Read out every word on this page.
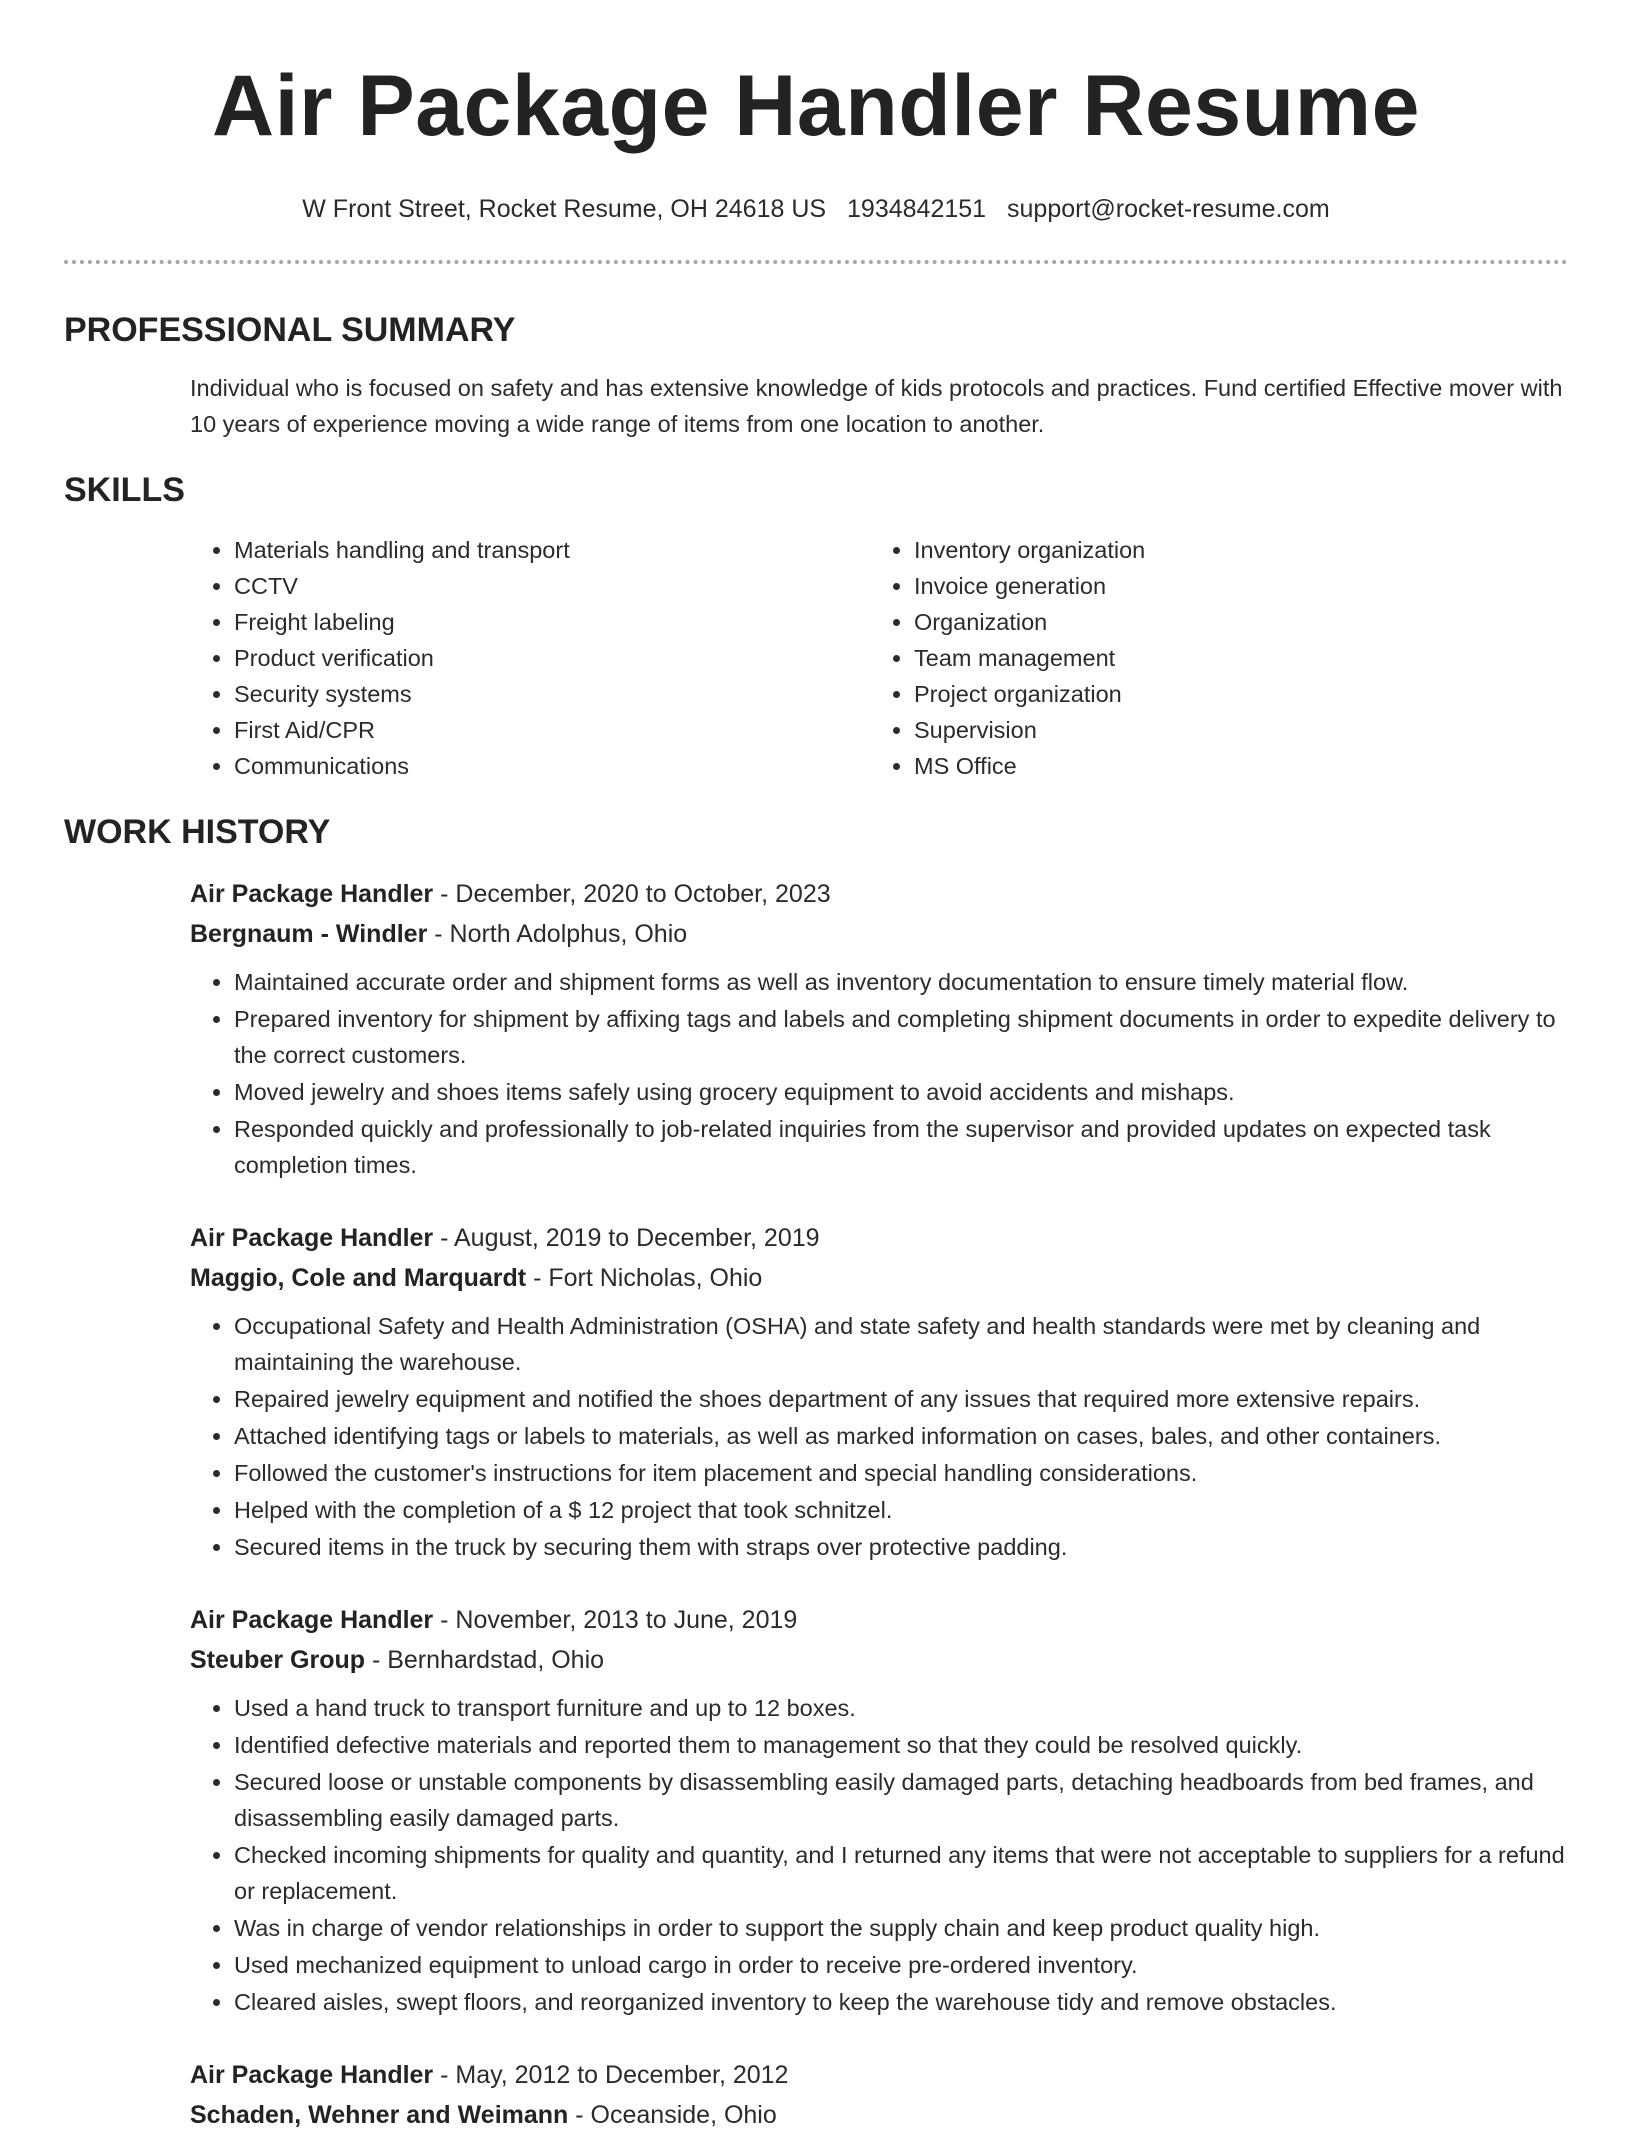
Air Package Handler Resume
W Front Street, Rocket Resume, OH 24618 US 1934842151 support@rocket-resume.com
PROFESSIONAL SUMMARY
Individual who is focused on safety and has extensive knowledge of kids protocols and practices. Fund certified Effective mover with 10 years of experience moving a wide range of items from one location to another.
SKILLS
• Materials handling and transport
• CCTV
• Freight labeling
• Product verification
• Security systems
• First Aid/CPR
• Communications
• Inventory organization
• Invoice generation
• Organization
• Team management
• Project organization
• Supervision
• MS Office
WORK HISTORY
Air Package Handler - December, 2020 to October, 2023
Bergnaum - Windler - North Adolphus, Ohio
• Maintained accurate order and shipment forms as well as inventory documentation to ensure timely material flow.
• Prepared inventory for shipment by affixing tags and labels and completing shipment documents in order to expedite delivery to the correct customers.
• Moved jewelry and shoes items safely using grocery equipment to avoid accidents and mishaps.
• Responded quickly and professionally to job-related inquiries from the supervisor and provided updates on expected task completion times.
Air Package Handler - August, 2019 to December, 2019
Maggio, Cole and Marquardt - Fort Nicholas, Ohio
• Occupational Safety and Health Administration (OSHA) and state safety and health standards were met by cleaning and maintaining the warehouse.
• Repaired jewelry equipment and notified the shoes department of any issues that required more extensive repairs.
• Attached identifying tags or labels to materials, as well as marked information on cases, bales, and other containers.
• Followed the customer's instructions for item placement and special handling considerations.
• Helped with the completion of a $ 12 project that took schnitzel.
• Secured items in the truck by securing them with straps over protective padding.
Air Package Handler - November, 2013 to June, 2019
Steuber Group - Bernhardstad, Ohio
• Used a hand truck to transport furniture and up to 12 boxes.
• Identified defective materials and reported them to management so that they could be resolved quickly.
• Secured loose or unstable components by disassembling easily damaged parts, detaching headboards from bed frames, and disassembling easily damaged parts.
• Checked incoming shipments for quality and quantity, and I returned any items that were not acceptable to suppliers for a refund or replacement.
• Was in charge of vendor relationships in order to support the supply chain and keep product quality high.
• Used mechanized equipment to unload cargo in order to receive pre-ordered inventory.
• Cleared aisles, swept floors, and reorganized inventory to keep the warehouse tidy and remove obstacles.
Air Package Handler - May, 2012 to December, 2012
Schaden, Wehner and Weimann - Oceanside, Ohio
